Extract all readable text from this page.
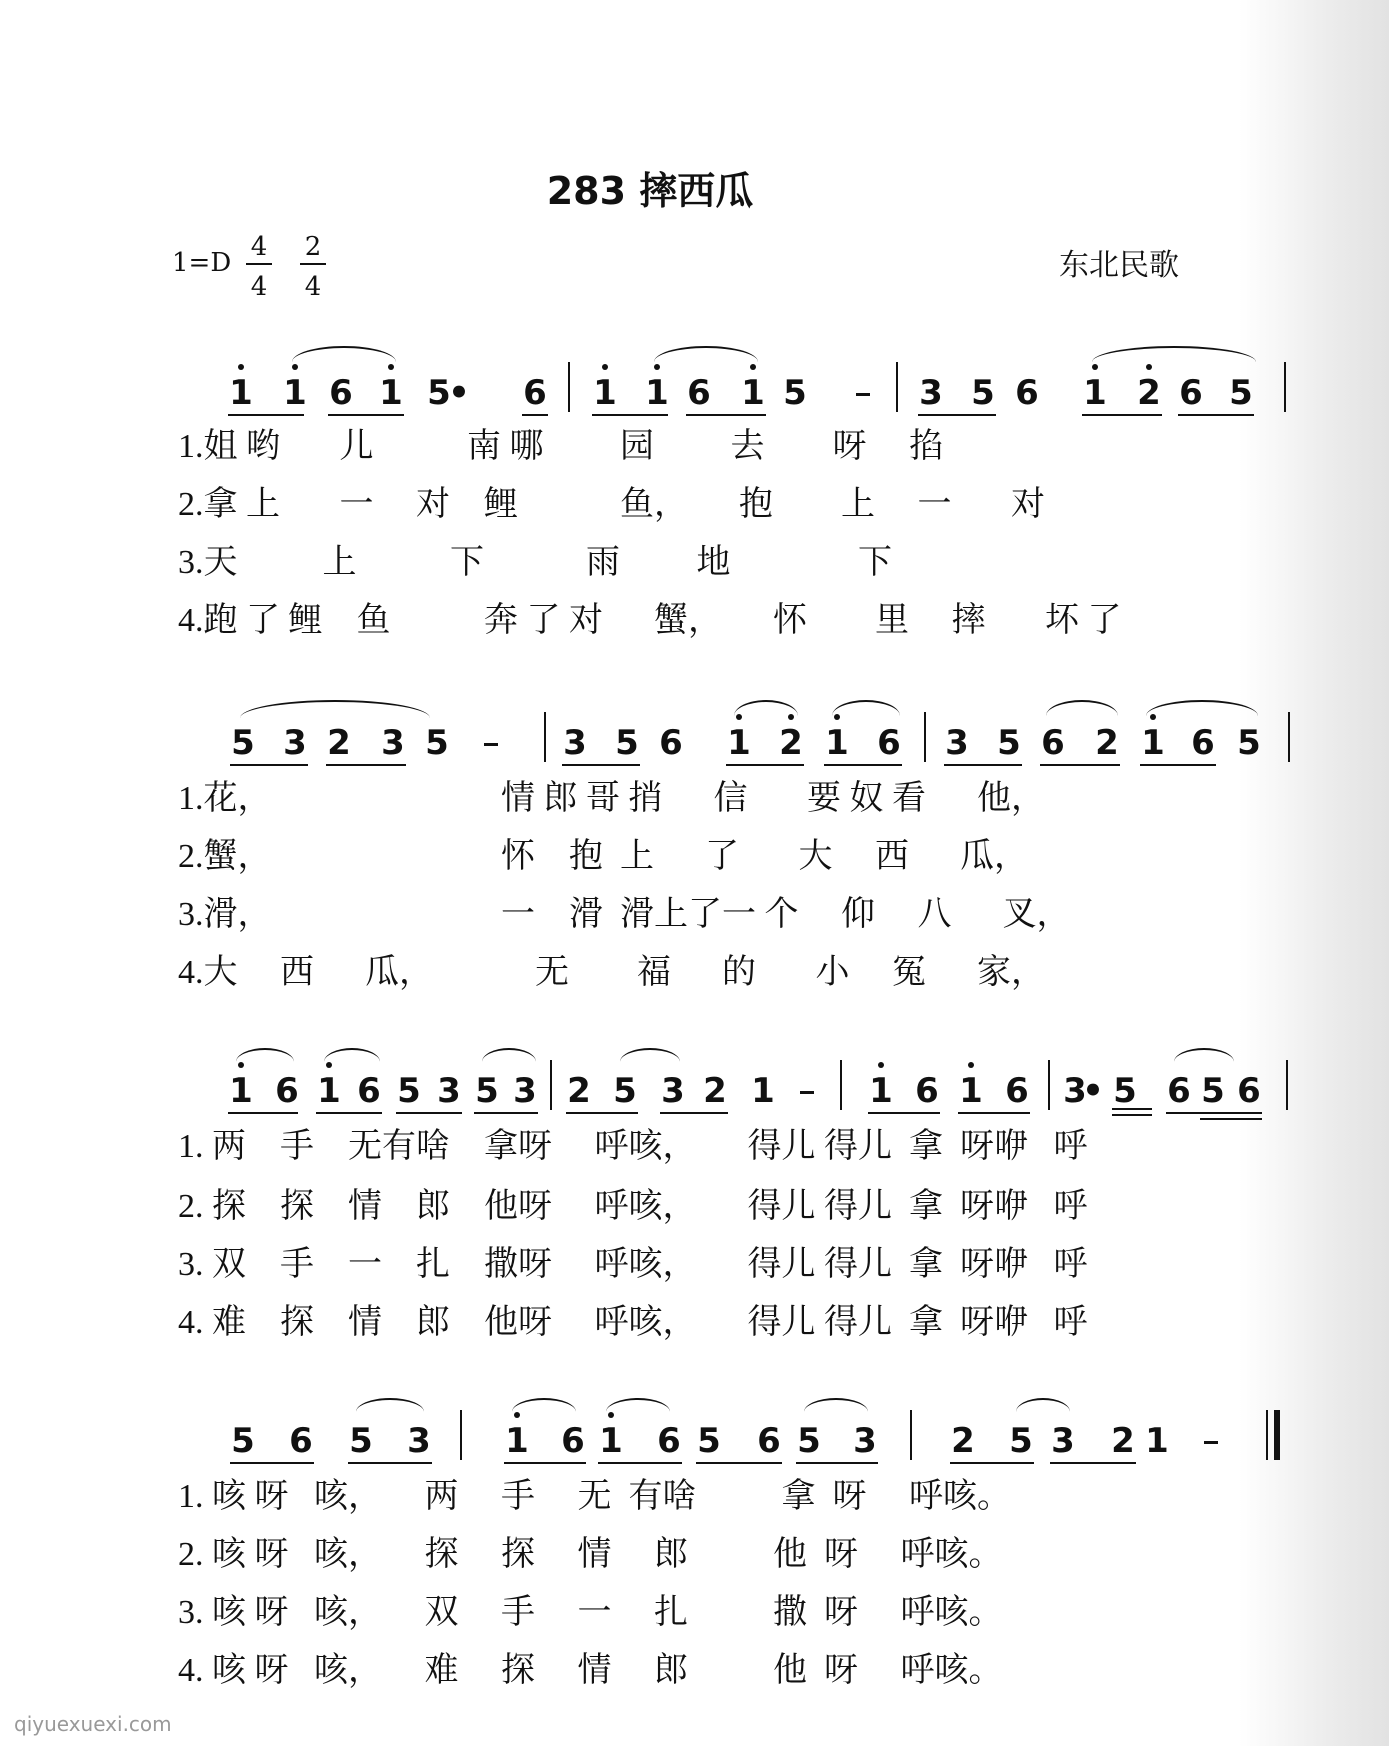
283 摔西瓜
1=D
4
4
2
4
东北民歌
1 1 6 1 5
• 6 1 1 6 1 5	3 5 6 1 2 6 5
1.姐 哟       儿           南 哪         园         去        呀     掐
2.拿 上       一     对    鲤            鱼，      抱        上     一       对
3.天          上           下            雨         地               下
4.跑 了 鲤    鱼           奔 了 对      蟹，      怀        里     摔       坏 了
5 3 2 3 5	3 5 6 1 2 1 6 3 5 6 2 1 6 5
1.花，                           情 郎 哥 捎      信       要 奴 看      他，
2.蟹，                           怀    抱  上      了       大     西      瓜，
3.滑，                           一    滑  滑上了一 个     仰     八      叉，
4.大     西      瓜，            无        福      的       小     冤      家，
1 6 1 6 5 3 5 3 2 5 3 2 1	1 6 1 6 3
• 5 6 5 6
1. 两    手    无有啥    拿呀     呼咳，      得儿 得儿  拿  呀咿   呼
2. 探    探    情    郎    他呀     呼咳，      得儿 得儿  拿  呀咿   呼
3. 双    手    一    扎    撒呀     呼咳，      得儿 得儿  拿  呀咿   呼
4. 难    探    情    郎    他呀     呼咳，      得儿 得儿  拿  呀咿   呼
5 6 5 3 1 6 1 6 5 6 5 3 2 5 3 2 1
1. 咳 呀   咳，     两     手     无  有啥          拿  呀     呼咳。
2. 咳 呀   咳，     探     探     情     郎          他  呀     呼咳。
3. 咳 呀   咳，     双     手     一     扎          撒  呀     呼咳。
4. 咳 呀   咳，     难     探     情     郎          他  呀     呼咳。
qiyuexuexi.com
